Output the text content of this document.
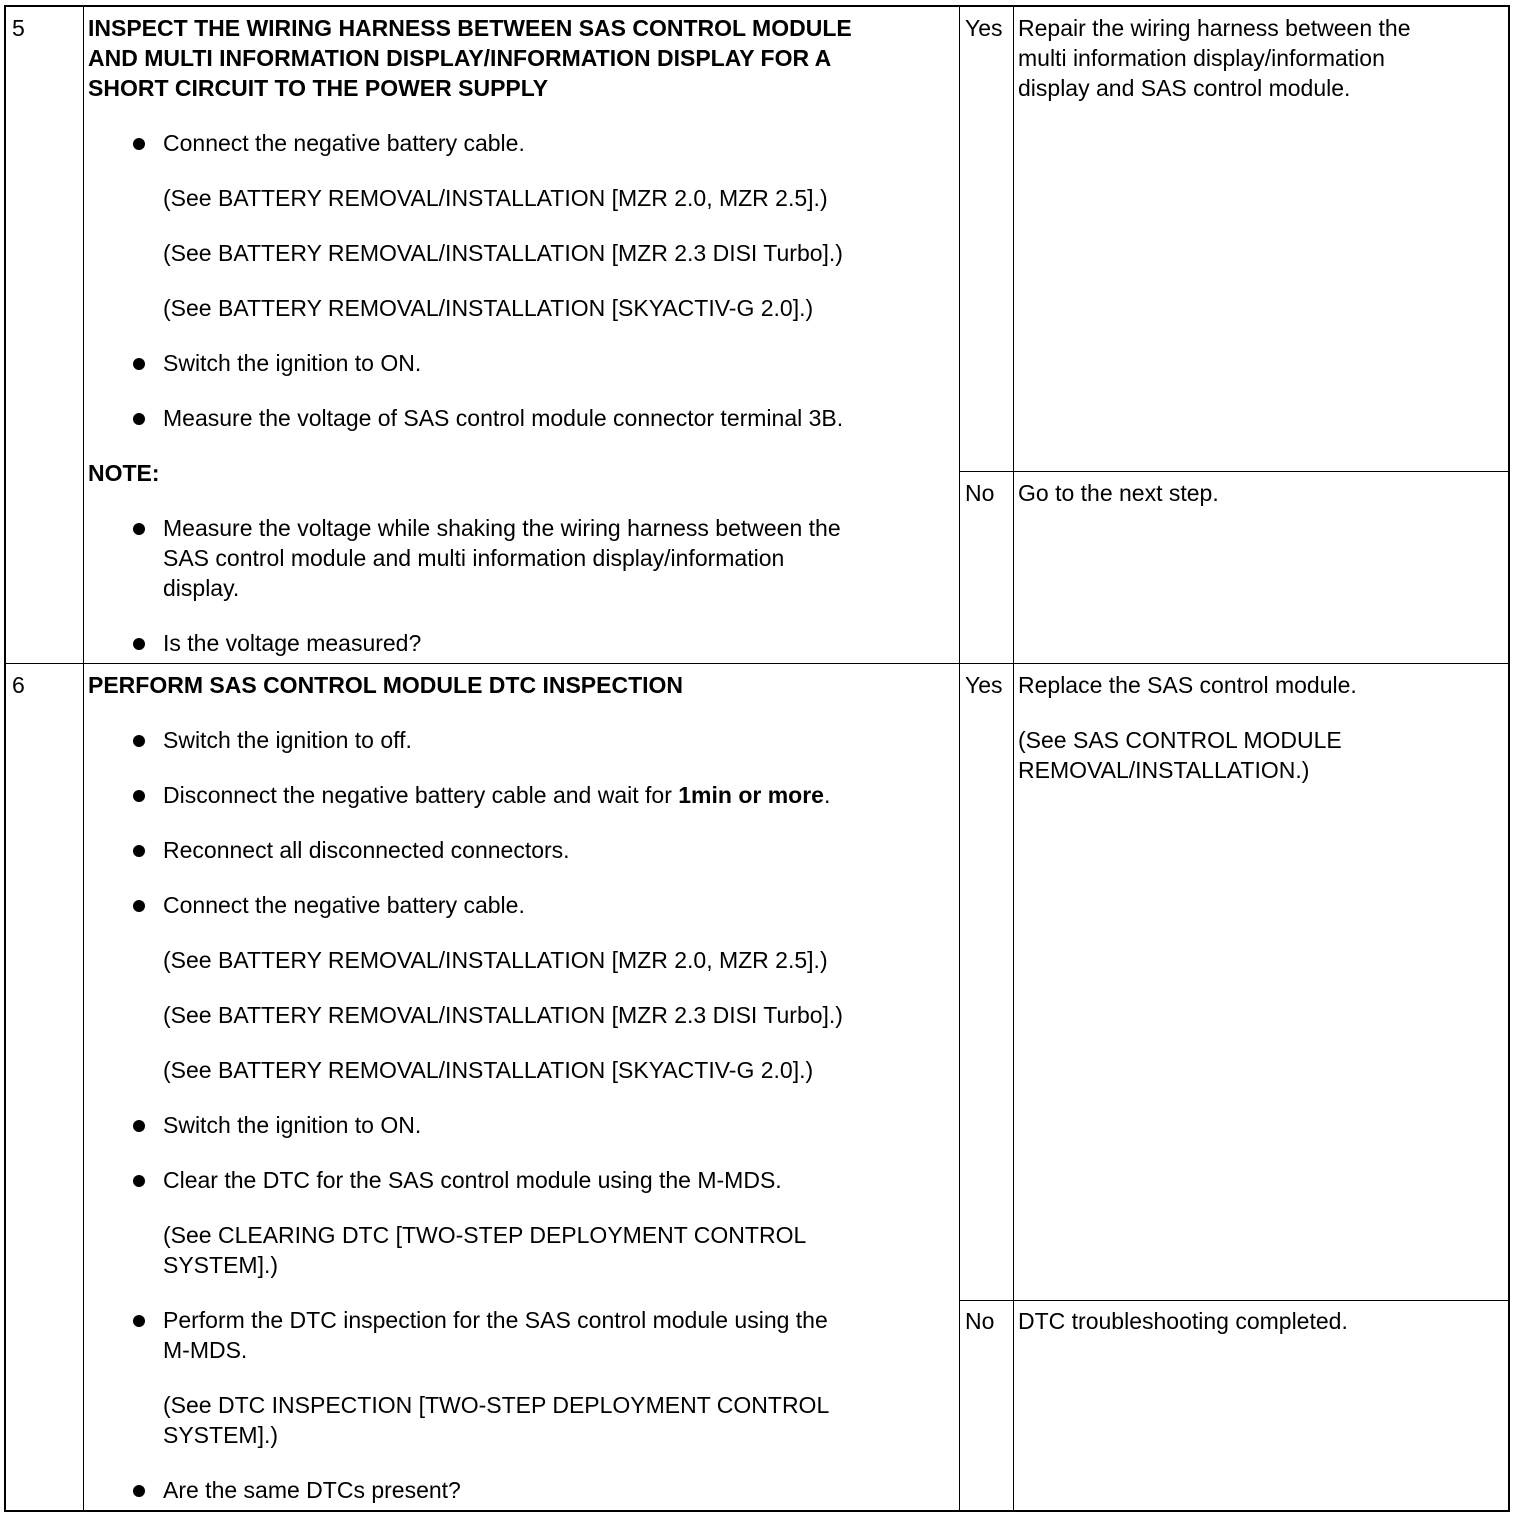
5	INSPECT THE WIRING HARNESS BETWEEN SAS CONTROL MODULE
AND MULTI INFORMATION DISPLAY/INFORMATION DISPLAY FOR A
SHORT CIRCUIT TO THE POWER SUPPLY
Connect the negative battery cable.
(See BATTERY REMOVAL/INSTALLATION [MZR 2.0, MZR 2.5].)
(See BATTERY REMOVAL/INSTALLATION [MZR 2.3 DISI Turbo].)
(See BATTERY REMOVAL/INSTALLATION [SKYACTIV-G 2.0].)
Switch the ignition to ON.
Measure the voltage of SAS control module connector terminal 3B.
NOTE:
Measure the voltage while shaking the wiring harness between the
SAS control module and multi information display/information
display.
Is the voltage measured?
Yes Repair the wiring harness between the
multi information display/information
display and SAS control module.
No Go to the next step.
6	PERFORM SAS CONTROL MODULE DTC INSPECTION
Switch the ignition to off.
Disconnect the negative battery cable and wait for 1min or more.
Reconnect all disconnected connectors.
Connect the negative battery cable.
(See BATTERY REMOVAL/INSTALLATION [MZR 2.0, MZR 2.5].)
(See BATTERY REMOVAL/INSTALLATION [MZR 2.3 DISI Turbo].)
(See BATTERY REMOVAL/INSTALLATION [SKYACTIV-G 2.0].)
Switch the ignition to ON.
Clear the DTC for the SAS control module using the M-MDS.
(See CLEARING DTC [TWO-STEP DEPLOYMENT CONTROL
SYSTEM].)
Perform the DTC inspection for the SAS control module using the
M-MDS.
(See DTC INSPECTION [TWO-STEP DEPLOYMENT CONTROL
SYSTEM].)
Are the same DTCs present?
Yes Replace the SAS control module.
(See SAS CONTROL MODULE
REMOVAL/INSTALLATION.)
No DTC troubleshooting completed.
